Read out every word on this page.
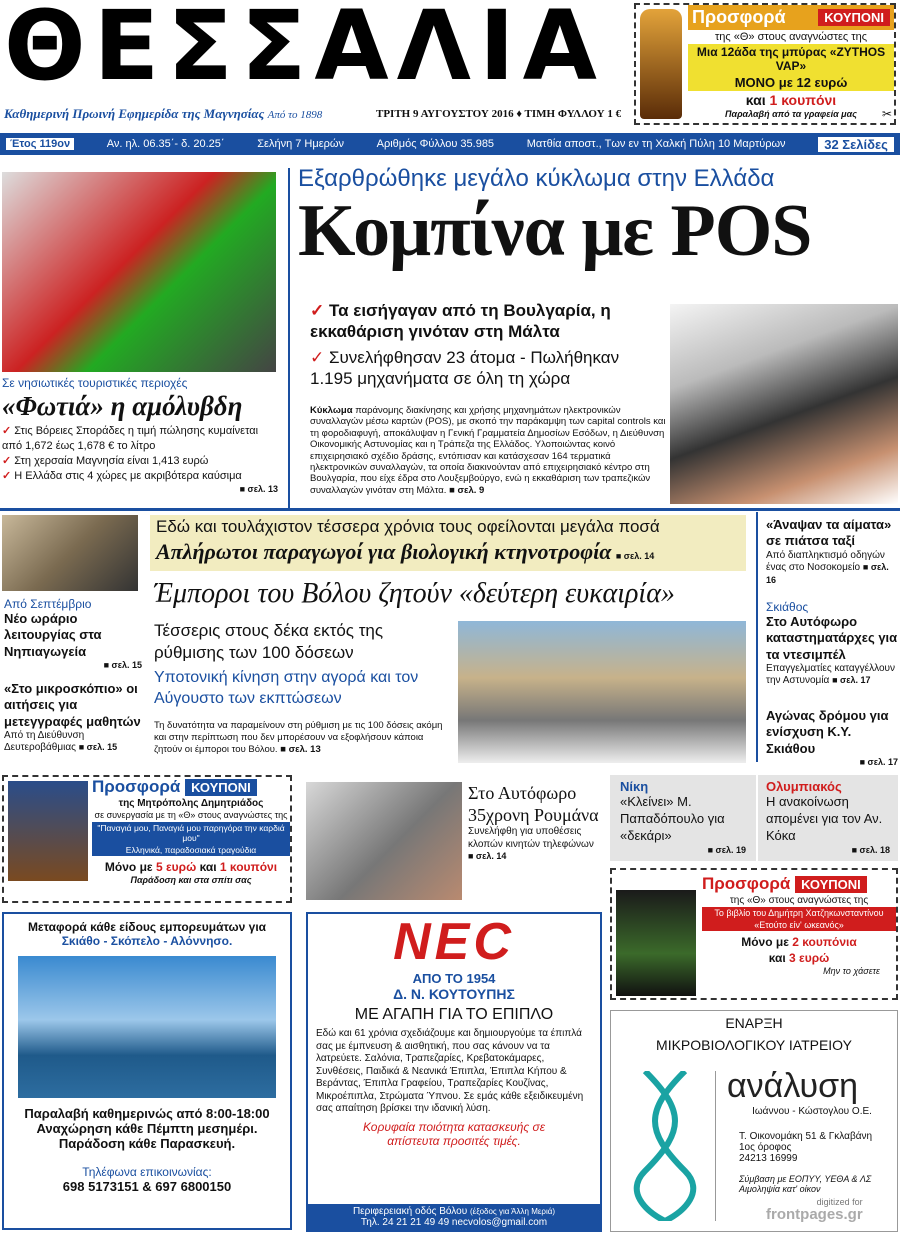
ΘΕΣΣΑΛΙΑ
Καθημερινή Πρωινή Εφημερίδα της Μαγνησίας Από το 1898	ΤΡΙΤΗ 9 ΑΥΓΟΥΣΤΟΥ 2016 ♦ ΤΙΜΗ ΦΥΛΛΟΥ 1 €
Προσφορά	ΚΟΥΠΟΝΙ
της «Θ» στους αναγνώστες της
Μια 12άδα της μπύρας «ZYTHOS VAP»
ΜΟΝΟ με 12 ευρώ
και 1 κουπόνι
Παραλαβή από τα γραφεία μας	✂
Έτος 119ον	Αν. ηλ. 06.35΄- δ. 20.25΄	Σελήνη 7 Ημερών	Αριθμός Φύλλου 35.985	Ματθία αποστ., Των εν τη Χαλκή Πύλη 10 Μαρτύρων	32 Σελίδες
Σε νησιωτικές τουριστικές περιοχές
«Φωτιά» η αμόλυβδη
✓ Στις Βόρειες Σποράδες η τιμή πώλησης κυμαίνεται από 1,672 έως 1,678 € το λίτρο
✓ Στη χερσαία Μαγνησία είναι 1,413 ευρώ
✓ Η Ελλάδα στις 4 χώρες με ακριβότερα καύσιμα
■ σελ. 13
Εξαρθρώθηκε μεγάλο κύκλωμα στην Ελλάδα
Κομπίνα με POS
✓ Τα εισήγαγαν από τη Βουλγαρία, η εκκαθάριση γινόταν στη Μάλτα
✓ Συνελήφθησαν 23 άτομα - Πωλήθηκαν 1.195 μηχανήματα σε όλη τη χώρα
Κύκλωμα παράνομης διακίνησης και χρήσης μηχανημάτων ηλεκτρονικών συναλλαγών μέσω καρτών (POS), με σκοπό την παράκαμψη των capital controls και τη φοροδιαφυγή, αποκάλυψαν η Γενική Γραμματεία Δημοσίων Εσόδων, η Διεύθυνση Οικονομικής Αστυνομίας και η Τράπεζα της Ελλάδος. Υλοποιώντας κοινό επιχειρησιακό σχέδιο δράσης, εντόπισαν και κατάσχεσαν 164 τερματικά ηλεκτρονικών συναλλαγών, τα οποία διακινούνταν από επιχειρησιακό κέντρο στη Βουλγαρία, που είχε έδρα στο Λουξεμβούργο, ενώ η εκκαθάριση των τραπεζικών συναλλαγών γινόταν στη Μάλτα. ■ σελ. 9
Από Σεπτέμβριο
Νέο ωράριο λειτουργίας στα Νηπιαγωγεία
■ σελ. 15
«Στο μικροσκόπιο» οι αιτήσεις για μετεγγραφές μαθητών
Από τη Διεύθυνση Δευτεροβάθμιας ■ σελ. 15
Εδώ και τουλάχιστον τέσσερα χρόνια τους οφείλονται μεγάλα ποσά
Απλήρωτοι παραγωγοί για βιολογική κτηνοτροφία ■ σελ. 14
Έμποροι του Βόλου ζητούν «δεύτερη ευκαιρία»
Τέσσερις στους δέκα εκτός της ρύθμισης των 100 δόσεων
Υποτονική κίνηση στην αγορά και τον Αύγουστο των εκπτώσεων
Τη δυνατότητα να παραμείνουν στη ρύθμιση με τις 100 δόσεις ακόμη και στην περίπτωση που δεν μπορέσουν να εξοφλήσουν κάποια ζητούν οι έμποροι του Βόλου. ■ σελ. 13
«Άναψαν τα αίματα» σε πιάτσα ταξί
Από διαπληκτισμό οδηγών ένας στο Νοσοκομείο ■ σελ. 16
Σκιάθος
Στο Αυτόφωρο καταστηματάρχες για τα ντεσιμπέλ
Επαγγελματίες καταγγέλλουν την Αστυνομία ■ σελ. 17
Αγώνας δρόμου για ενίσχυση Κ.Υ. Σκιάθου
■ σελ. 17
Προσφορά ΚΟΥΠΟΝΙ
της Μητρόπολης Δημητριάδος
σε συνεργασία με τη «Θ» στους αναγνώστες της
"Παναγιά μου, Παναγιά μου παρηγόρα την καρδιά μου"
Ελληνικά, παραδοσιακά τραγούδια
Μόνο με 5 ευρώ και 1 κουπόνι
Παράδοση και στα σπίτι σας
Στο Αυτόφωρο 35χρονη Ρουμάνα
Συνελήφθη για υποθέσεις κλοπών κινητών τηλεφώνων ■ σελ. 14
Νίκη
«Κλείνει» Μ. Παπαδόπουλο για «δεκάρι»
■ σελ. 19
Ολυμπιακός
Η ανακοίνωση απομένει για τον Αν. Κόκα
■ σελ. 18
Προσφορά ΚΟΥΠΟΝΙ
της «Θ» στους αναγνώστες της
Το βιβλίο του Δημήτρη Χατζηκωνσταντίνου
«Ετούτο είν' ωκεανός»
Μόνο με 2 κουπόνια
και 3 ευρώ
Μην το χάσετε
Μεταφορά κάθε είδους εμπορευμάτων για
Σκιάθο - Σκόπελο - Αλόννησο.
Παραλαβή καθημερινώς από 8:00-18:00
Αναχώρηση κάθε Πέμπτη μεσημέρι.
Παράδοση κάθε Παρασκευή.
Τηλέφωνα επικοινωνίας:
698 5173151 & 697 6800150
NEC
ΑΠΟ ΤΟ 1954
Δ. Ν. ΚΟΥΤΟΥΠΗΣ
ΜΕ ΑΓΑΠΗ ΓΙΑ ΤΟ ΕΠΙΠΛΟ
Εδώ και 61 χρόνια σχεδιάζουμε και δημιουργούμε τα έπιπλά σας με έμπνευση & αισθητική, που σας κάνουν να τα λατρεύετε. Σαλόνια, Τραπεζαρίες, Κρεβατοκάμαρες, Συνθέσεις, Παιδικά & Νεανικά Έπιπλα, Έπιπλα Κήπου & Βεράντας, Έπιπλα Γραφείου, Τραπεζαρίες Κουζίνας, Μικροέπιπλα, Στρώματα Ύπνου. Σε εμάς κάθε εξειδικευμένη σας απαίτηση βρίσκει την ιδανική λύση.
Κορυφαία ποιότητα κατασκευής σε απίστευτα προσιτές τιμές.
Περιφερειακή οδός Βόλου (έξοδος για Άλλη Μεριά)
Τηλ. 24 21 21 49 49 necvolos@gmail.com
ΕΝΑΡΞΗ
ΜΙΚΡΟΒΙΟΛΟΓΙΚΟΥ ΙΑΤΡΕΙΟΥ
ανάλυση
Ιωάννου - Κώστογλου Ο.Ε.
Τ. Οικονομάκη 51 & Γκλαβάνη
1ος όροφος
24213 16999
Σύμβαση με ΕΟΠΥΥ, ΥΕΘΑ & ΛΣ
Αιμοληψία κατ' οίκον
digitized for
frontpages.gr
